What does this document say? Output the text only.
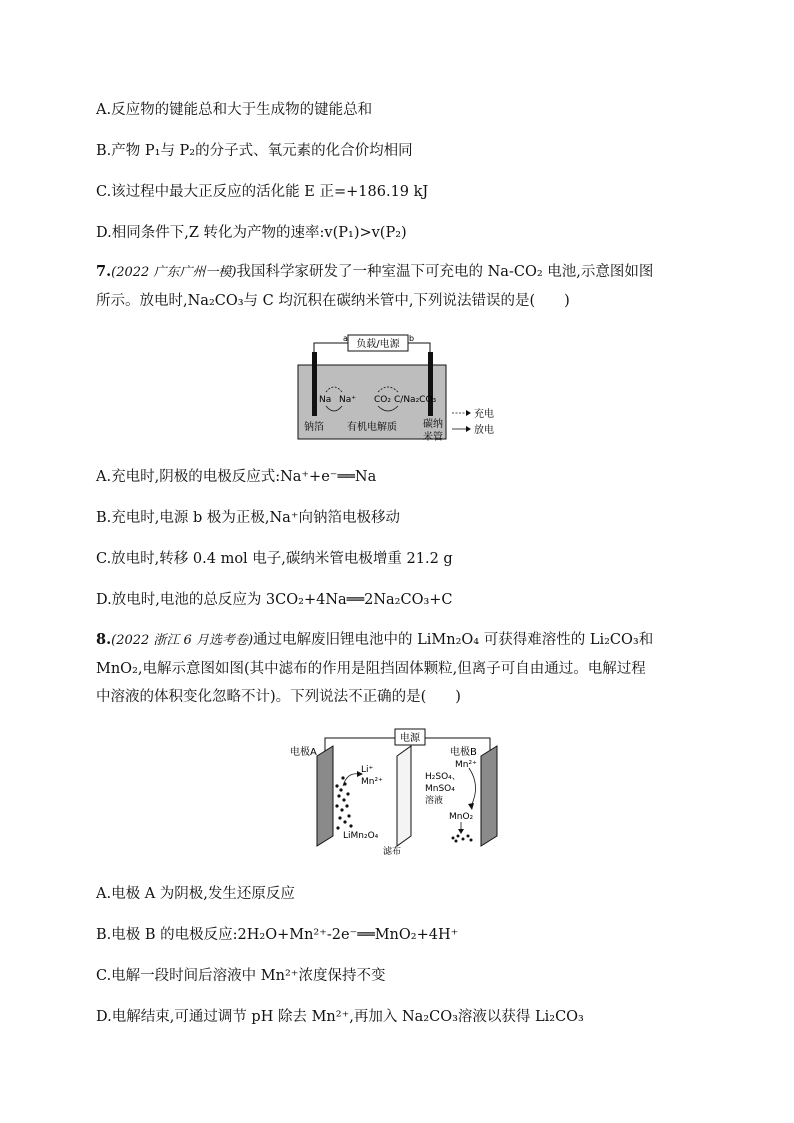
A.反应物的键能总和大于生成物的键能总和
B.产物 P₁与 P₂的分子式、氧元素的化合价均相同
C.该过程中最大正反应的活化能 E 正=+186.19 kJ
D.相同条件下,Z 转化为产物的速率:v(P₁)>v(P₂)
7.(2022 广东广州一模)我国科学家研发了一种室温下可充电的 Na-CO₂ 电池,示意图如图
所示。放电时,Na₂CO₃与 C 均沉积在碳纳米管中,下列说法错误的是(　　)
负载/电源
a	b
Na Na⁺ CO₂ C/Na₂CO₃
钠箔 有机电解质	碳纳
米管
充电
放电
A.充电时,阴极的电极反应式:Na⁺+e⁻══Na
B.充电时,电源 b 极为正极,Na⁺向钠箔电极移动
C.放电时,转移 0.4 mol 电子,碳纳米管电极增重 21.2 g
D.放电时,电池的总反应为 3CO₂+4Na══2Na₂CO₃+C
8.(2022 浙江 6 月选考卷)通过电解废旧锂电池中的 LiMn₂O₄ 可获得难溶性的 Li₂CO₃和
MnO₂,电解示意图如图(其中滤布的作用是阻挡固体颗粒,但离子可自由通过。电解过程
中溶液的体积变化忽略不计)。下列说法不正确的是(　　)
电源
电极A
Li⁺
Mn²⁺
LiMn₂O₄
滤布
电极B
Mn²⁺
H₂SO₄、
MnSO₄
溶液
MnO₂
A.电极 A 为阴极,发生还原反应
B.电极 B 的电极反应:2H₂O+Mn²⁺-2e⁻══MnO₂+4H⁺
C.电解一段时间后溶液中 Mn²⁺浓度保持不变
D.电解结束,可通过调节 pH 除去 Mn²⁺,再加入 Na₂CO₃溶液以获得 Li₂CO₃
